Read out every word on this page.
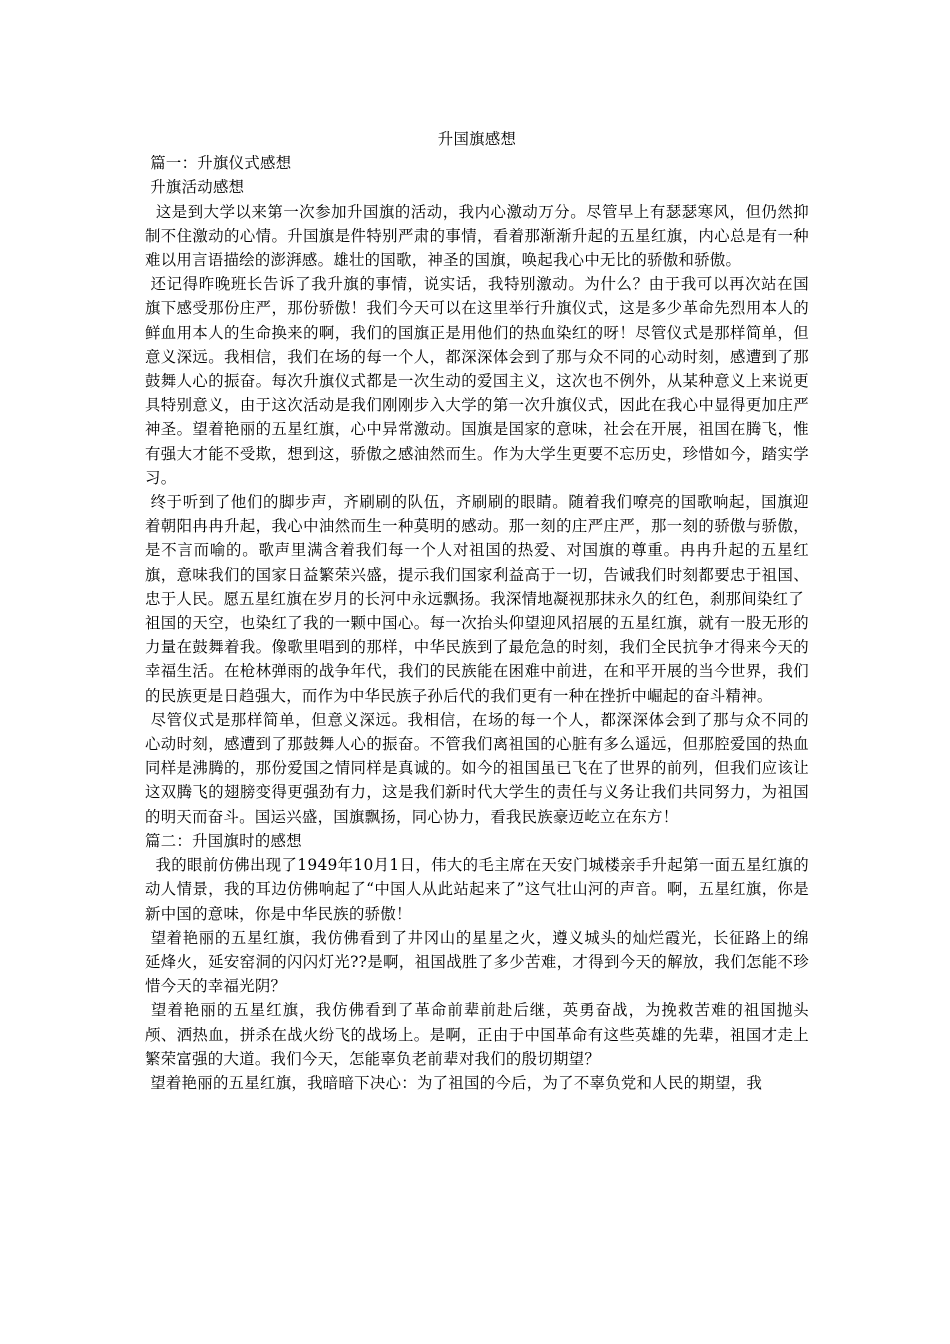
升国旗感想

篇一：升旗仪式感想

升旗活动感想

这是到大学以来第一次参加升国旗的活动，我内心激动万分。尽管早上有瑟瑟寒风，但仍然抑制不住激动的心情。升国旗是件特别严肃的事情，看着那渐渐升起的五星红旗，内心总是有一种难以用言语描绘的澎湃感。雄壮的国歌，神圣的国旗，唤起我心中无比的骄傲和骄傲。

还记得昨晚班长告诉了我升旗的事情，说实话，我特别激动。为什么？由于我可以再次站在国旗下感受那份庄严，那份骄傲！我们今天可以在这里举行升旗仪式，这是多少革命先烈用本人的鲜血用本人的生命换来的啊，我们的国旗正是用他们的热血染红的呀！尽管仪式是那样简单，但意义深远。我相信，我们在场的每一个人，都深深体会到了那与众不同的心动时刻，感遭到了那鼓舞人心的振奋。每次升旗仪式都是一次生动的爱国主义，这次也不例外，从某种意义上来说更具特别意义，由于这次活动是我们刚刚步入大学的第一次升旗仪式，因此在我心中显得更加庄严神圣。望着艳丽的五星红旗，心中异常激动。国旗是国家的意味，社会在开展，祖国在腾飞，惟有强大才能不受欺，想到这，骄傲之感油然而生。作为大学生更要不忘历史，珍惜如今，踏实学习。

终于听到了他们的脚步声，齐刷刷的队伍，齐刷刷的眼睛。随着我们嘹亮的国歌响起，国旗迎着朝阳冉冉升起，我心中油然而生一种莫明的感动。那一刻的庄严庄严，那一刻的骄傲与骄傲，是不言而喻的。歌声里满含着我们每一个人对祖国的热爱、对国旗的尊重。冉冉升起的五星红旗，意味我们的国家日益繁荣兴盛，提示我们国家利益高于一切，告诫我们时刻都要忠于祖国、忠于人民。愿五星红旗在岁月的长河中永远飘扬。我深情地凝视那抹永久的红色，刹那间染红了

祖国的天空，也染红了我的一颗中国心。每一次抬头仰望迎风招展的五星红旗，就有一股无形的力量在鼓舞着我。像歌里唱到的那样，中华民族到了最危急的时刻，我们全民抗争才得来今天的幸福生活。在枪林弹雨的战争年代，我们的民族能在困难中前进，在和平开展的当今世界，我们的民族更是日趋强大，而作为中华民族子孙后代的我们更有一种在挫折中崛起的奋斗精神。

尽管仪式是那样简单，但意义深远。我相信，在场的每一个人，都深深体会到了那与众不同的心动时刻，感遭到了那鼓舞人心的振奋。不管我们离祖国的心脏有多么遥远，但那腔爱国的热血同样是沸腾的，那份爱国之情同样是真诚的。如今的祖国虽已飞在了世界的前列，但我们应该让这双腾飞的翅膀变得更强劲有力，这是我们新时代大学生的责任与义务让我们共同努力，为祖国的明天而奋斗。国运兴盛，国旗飘扬，同心协力，看我民族豪迈屹立在东方！

篇二：升国旗时的感想

我的眼前仿佛出现了1949年10月1日，伟大的毛主席在天安门城楼亲手升起第一面五星红旗的动人情景，我的耳边仿佛响起了“中国人从此站起来了”这气壮山河的声音。啊，五星红旗，你是新中国的意味，你是中华民族的骄傲！

望着艳丽的五星红旗，我仿佛看到了井冈山的星星之火，遵义城头的灿烂霞光，长征路上的绵延烽火，延安窑洞的闪闪灯光??是啊，祖国战胜了多少苦难，才得到今天的解放，我们怎能不珍惜今天的幸福光阴？

望着艳丽的五星红旗，我仿佛看到了革命前辈前赴后继，英勇奋战，为挽救苦难的祖国抛头颅、洒热血，拼杀在战火纷飞的战场上。是啊，正由于中国革命有这些英雄的先辈，祖国才走上繁荣富强的大道。我们今天，怎能辜负老前辈对我们的殷切期望？

望着艳丽的五星红旗，我暗暗下决心：为了祖国的今后，为了不辜负党和人民的期望，我
